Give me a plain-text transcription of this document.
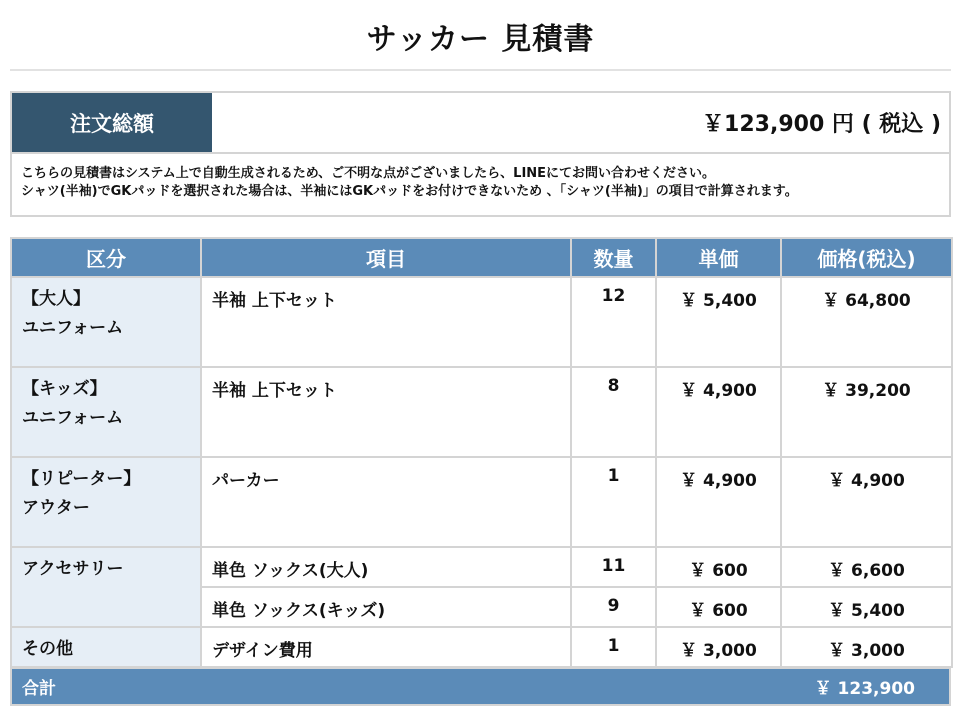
サッカー 見積書
注文総額	￥123,900 円 ( 税込 )
こちらの見積書はシステム上で自動生成されるため、ご不明な点がございましたら、LINEにてお問い合わせください。
シャツ(半袖)でGKパッドを選択された場合は、半袖にはGKパッドをお付けできないため 、「シャツ(半袖)」の項目で計算されます。
区分	項目	数量	単価	価格(税込)

【大人】
ユニフォーム	半袖 上下セット	12	￥ 5,400	￥ 64,800

【キッズ】
ユニフォーム	半袖 上下セット	8	￥ 4,900	￥ 39,200

【リピーター】
アウター	パーカー	1	￥ 4,900	￥ 4,900

アクセサリー	単色 ソックス(大人)	11	￥ 600	￥ 6,600
	単色 ソックス(キッズ)	9	￥ 600	￥ 5,400

その他	デザイン費用	1	￥ 3,000	￥ 3,000
合計	￥ 123,900
